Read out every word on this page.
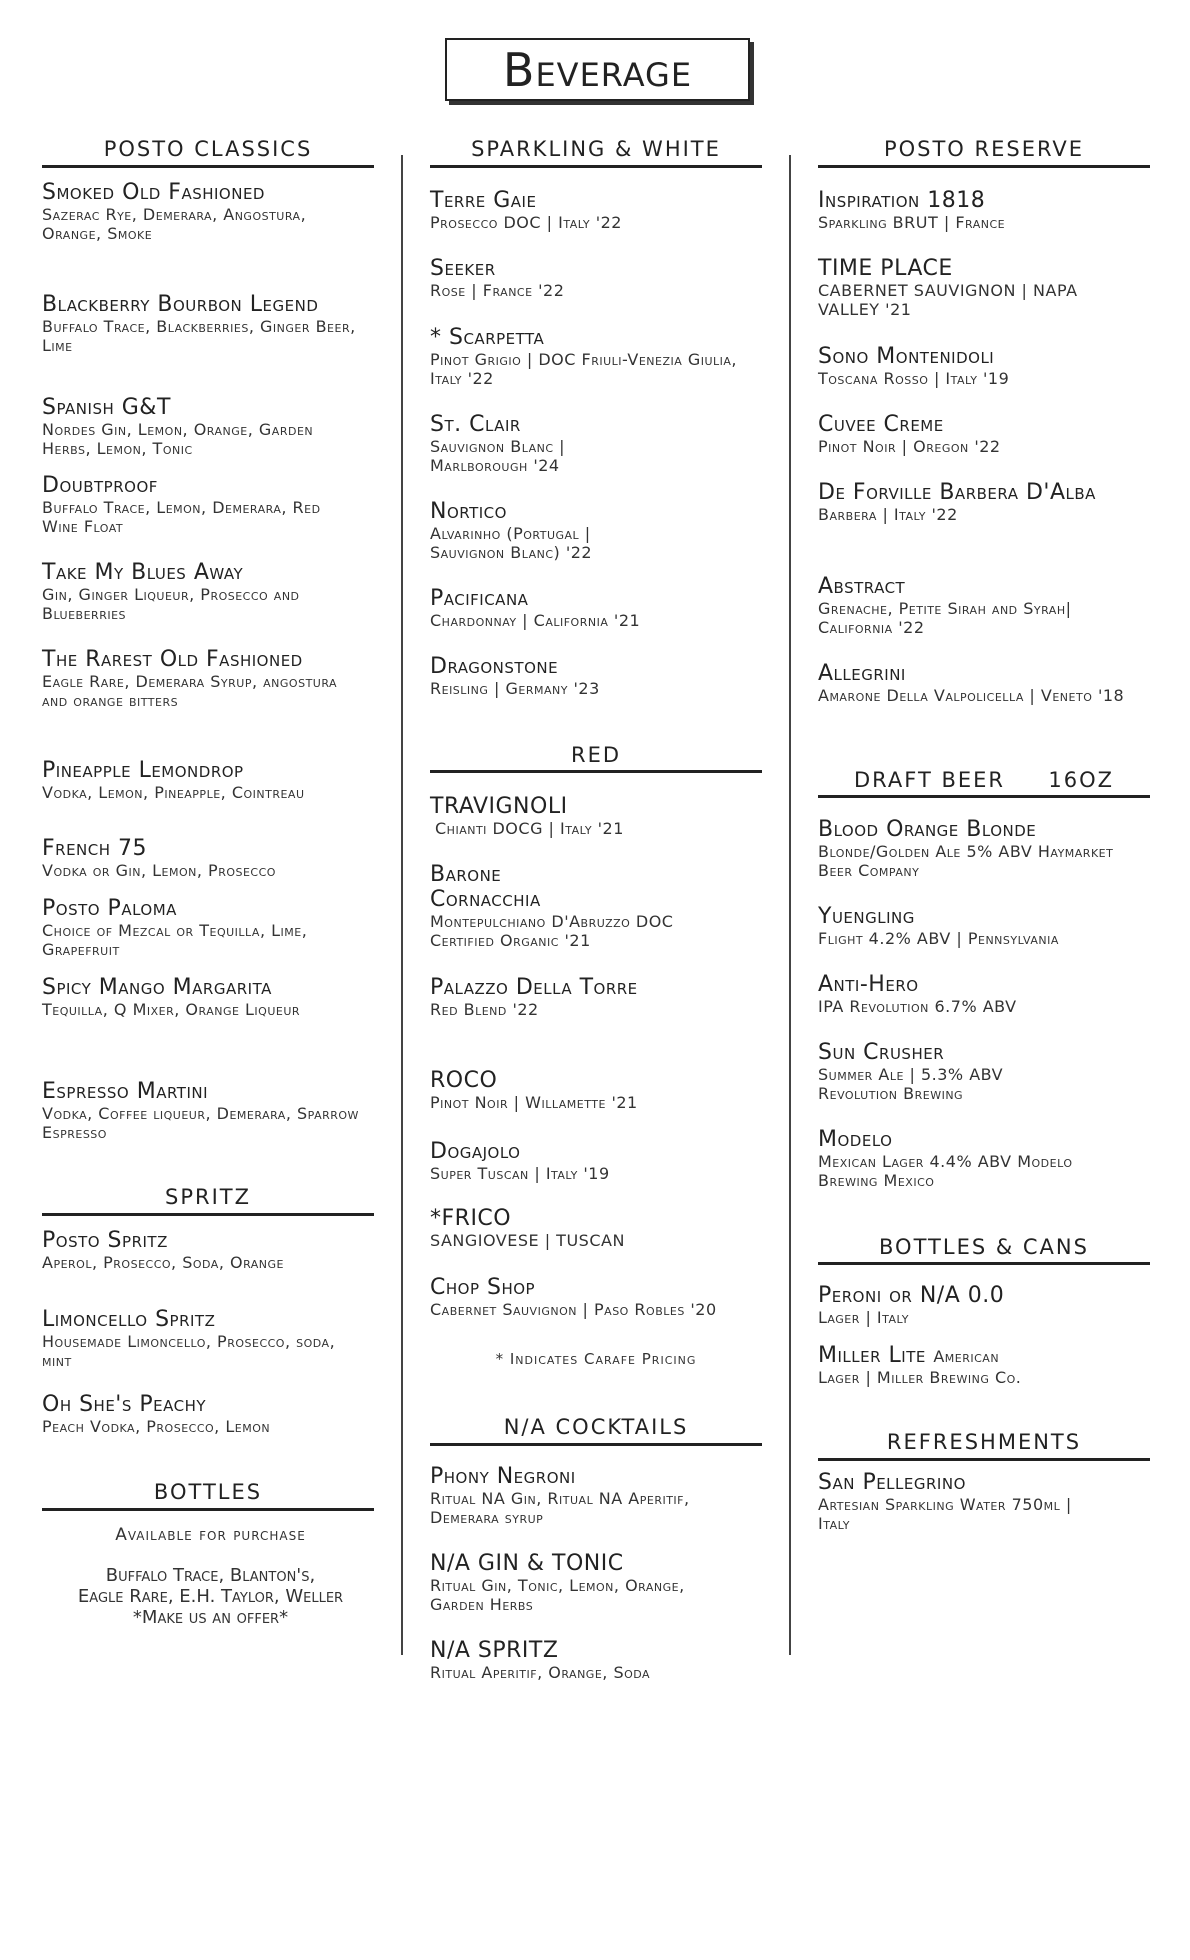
Beverage
POSTO CLASSICS
Smoked Old Fashioned
Sazerac Rye, Demerara, Angostura, Orange, Smoke
Blackberry Bourbon Legend
Buffalo Trace, Blackberries, Ginger Beer, Lime
Spanish G&T
Nordes Gin, Lemon, Orange, Garden Herbs, Lemon, Tonic
Doubtproof
Buffalo Trace, Lemon, Demerara, Red Wine Float
Take My Blues Away
Gin, Ginger Liqueur, Prosecco and Blueberries
The Rarest Old Fashioned
Eagle Rare, Demerara Syrup, angostura and orange bitters
Pineapple Lemondrop
Vodka, Lemon, Pineapple, Cointreau
French 75
Vodka or Gin, Lemon, Prosecco
Posto Paloma
Choice of Mezcal or Tequilla, Lime, Grapefruit
Spicy Mango Margarita
Tequilla, Q Mixer, Orange Liqueur
Espresso Martini
Vodka, Coffee liqueur, Demerara, Sparrow Espresso
SPRITZ
Posto Spritz
Aperol, Prosecco, Soda, Orange
Limoncello Spritz
Housemade Limoncello, Prosecco, soda, mint
Oh She's Peachy
Peach Vodka, Prosecco, Lemon
BOTTLES
Available for purchase
Buffalo Trace, Blanton's,
Eagle Rare, E.H. Taylor, Weller
*Make us an offer*
SPARKLING & WHITE
Terre Gaie
Prosecco DOC | Italy '22
Seeker
Rose | France '22
* Scarpetta
Pinot Grigio | DOC Friuli-Venezia Giulia, Italy '22
St. Clair
Sauvignon Blanc | Marlborough '24
Nortico
Alvarinho (Portugal | Sauvignon Blanc) '22
Pacificana
Chardonnay | California '21
Dragonstone
Reisling | Germany '23
RED
TRAVIGNOLI
Chianti DOCG | Italy '21
Barone Cornacchia
Montepulchiano D'Abruzzo DOC Certified Organic '21
Palazzo Della Torre
Red Blend '22
ROCO
Pinot Noir | Willamette '21
Dogajolo
Super Tuscan | Italy '19
*FRICO
SANGIOVESE | TUSCAN
Chop Shop
Cabernet Sauvignon | Paso Robles '20
* Indicates Carafe Pricing
N/A COCKTAILS
Phony Negroni
Ritual NA Gin, Ritual NA Aperitif, Demerara syrup
N/A GIN & TONIC
Ritual Gin, Tonic, Lemon, Orange, Garden Herbs
N/A SPRITZ
Ritual Aperitif, Orange, Soda
POSTO RESERVE
Inspiration 1818
Sparkling BRUT | France
TIME PLACE
CABERNET SAUVIGNON | NAPA VALLEY '21
Sono Montenidoli
Toscana Rosso | Italy '19
Cuvee Creme
Pinot Noir | Oregon '22
De Forville Barbera D'Alba
Barbera | Italy '22
Abstract
Grenache, Petite Sirah and Syrah| California '22
Allegrini
Amarone Della Valpolicella | Veneto '18
DRAFT BEER     16OZ
Blood Orange Blonde
Blonde/Golden Ale 5% ABV Haymarket Beer Company
Yuengling
Flight 4.2% ABV | Pennsylvania
Anti-Hero
IPA Revolution 6.7% ABV
Sun Crusher
Summer Ale | 5.3% ABV Revolution Brewing
Modelo
Mexican Lager 4.4% ABV Modelo Brewing Mexico
BOTTLES & CANS
Peroni or N/A 0.0
Lager | Italy
Miller Lite American
Lager | Miller Brewing Co.
REFRESHMENTS
San Pellegrino
Artesian Sparkling Water 750ml | Italy
